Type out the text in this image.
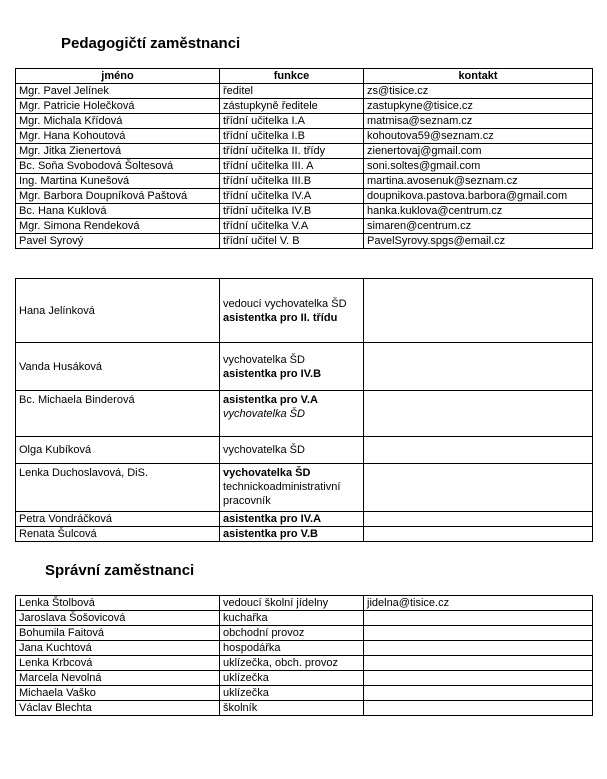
Pedagogičtí zaměstnanci
jméno	funkce	kontakt
Mgr. Pavel Jelínek	ředitel	zs@tisice.cz
Mgr. Patricie Holečková	zástupkyně ředitele	zastupkyne@tisice.cz
Mgr. Michala Křídová	třídní učitelka I.A	matmisa@seznam.cz
Mgr. Hana Kohoutová	třídní učitelka I.B	kohoutova59@seznam.cz
Mgr. Jitka Zienertová	třídní učitelka II. třídy	zienertovaj@gmail.com
Bc. Soňa Svobodová Šoltesová	třídní učitelka III. A	soni.soltes@gmail.com
Ing. Martina Kunešová	třídní učitelka III.B	martina.avosenuk@seznam.cz
Mgr. Barbora Doupníková Paštová	třídní učitelka IV.A	doupnikova.pastova.barbora@gmail.com
Bc. Hana Kuklová	třídní učitelka IV.B	hanka.kuklova@centrum.cz
Mgr. Simona Rendeková	třídní učitelka V.A	simaren@centrum.cz
Pavel Syrový	třídní učitel V. B	PavelSyrovy.spgs@email.cz
Hana Jelínková	vedoucí vychovatelka ŠD
asistentka pro II. třídu	

Vanda Husáková	vychovatelka ŠD
asistentka pro IV.B	

Bc. Michaela Binderová	asistentka pro V.A
vychovatelka ŠD	

Olga Kubíková	vychovatelka ŠD	

Lenka Duchoslavová, DiS.	vychovatelka ŠD
technickoadministrativní
pracovník	

Petra Vondráčková	asistentka pro IV.A	

Renata Šulcová	asistentka pro V.B	

Správní zaměstnanci
Lenka Štolbová	vedoucí školní jídelny	jidelna@tisice.cz
Jaroslava Šošovicová	kuchařka	
Bohumila Faitová	obchodní provoz	
Jana Kuchtová	hospodářka	
Lenka Krbcová	uklízečka, obch. provoz	
Marcela Nevolná	uklízečka	
Michaela Vaško	uklízečka	
Václav Blechta	školník	
